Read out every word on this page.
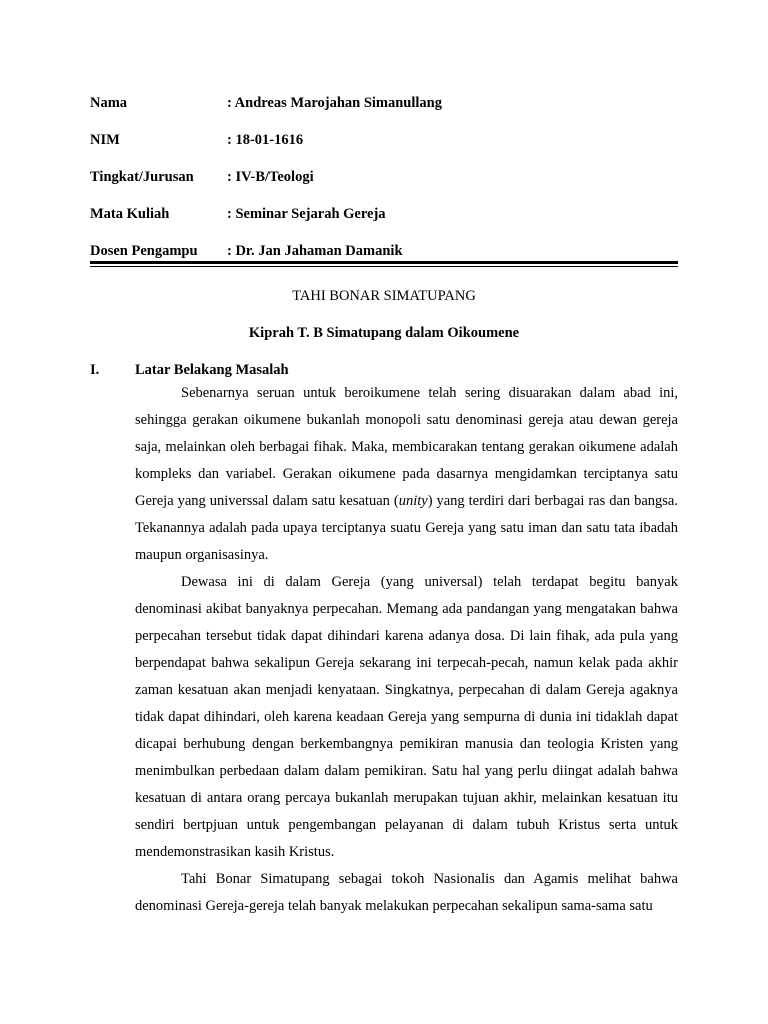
Nama	: Andreas Marojahan Simanullang
NIM	: 18-01-1616
Tingkat/Jurusan : IV-B/Teologi
Mata Kuliah	: Seminar Sejarah Gereja
Dosen Pengampu : Dr. Jan Jahaman Damanik
TAHI BONAR SIMATUPANG
Kiprah T. B Simatupang dalam Oikoumene
I. Latar Belakang Masalah

Sebenarnya seruan untuk beroikumene telah sering disuarakan dalam abad ini, sehingga gerakan oikumene bukanlah monopoli satu denominasi gereja atau dewan gereja saja, melainkan oleh berbagai fihak. Maka, membicarakan tentang gerakan oikumene adalah kompleks dan variabel. Gerakan oikumene pada dasarnya mengidamkan terciptanya satu Gereja yang universsal dalam satu kesatuan (unity) yang terdiri dari berbagai ras dan bangsa. Tekanannya adalah pada upaya terciptanya suatu Gereja yang satu iman dan satu tata ibadah maupun organisasinya.

Dewasa ini di dalam Gereja (yang universal) telah terdapat begitu banyak denominasi akibat banyaknya perpecahan. Memang ada pandangan yang mengatakan bahwa perpecahan tersebut tidak dapat dihindari karena adanya dosa. Di lain fihak, ada pula yang berpendapat bahwa sekalipun Gereja sekarang ini terpecah-pecah, namun kelak pada akhir zaman kesatuan akan menjadi kenyataan. Singkatnya, perpecahan di dalam Gereja agaknya tidak dapat dihindari, oleh karena keadaan Gereja yang sempurna di dunia ini tidaklah dapat dicapai berhubung dengan berkembangnya pemikiran manusia dan teologia Kristen yang menimbulkan perbedaan dalam dalam pemikiran. Satu hal yang perlu diingat adalah bahwa kesatuan di antara orang percaya bukanlah merupakan tujuan akhir, melainkan kesatuan itu sendiri bertpjuan untuk pengembangan pelayanan di dalam tubuh Kristus serta untuk mendemonstrasikan kasih Kristus.

Tahi Bonar Simatupang sebagai tokoh Nasionalis dan Agamis melihat bahwa denominasi Gereja-gereja telah banyak melakukan perpecahan sekalipun sama-sama satu
